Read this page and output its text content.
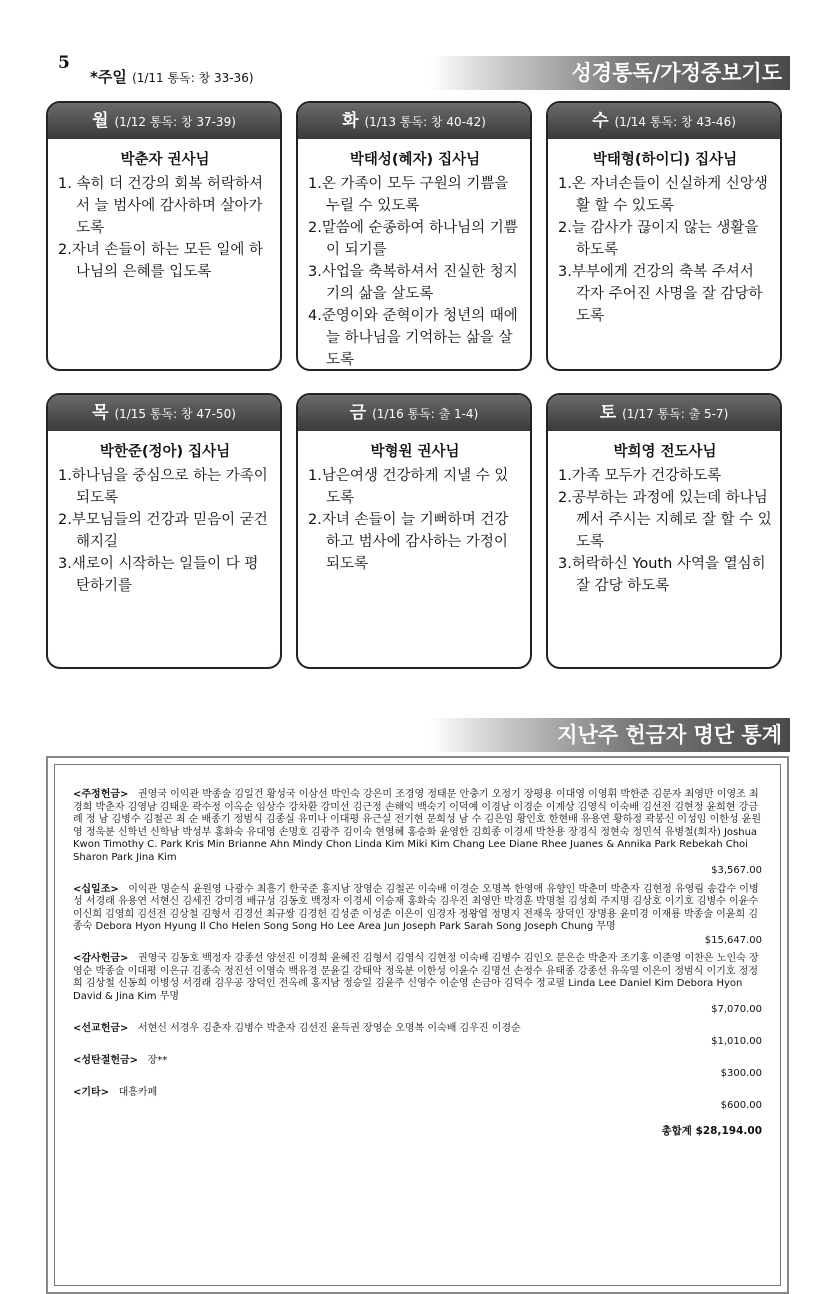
5
*주일 (1/11 통독: 창 33-36)	성경통독/가정중보기도
월 (1/12 통독: 창 37-39)
박춘자 권사님

1. 속히 더 건강의 회복 허락하셔서 늘 범사에 감사하며 살아가도록

2.자녀 손들이 하는 모든 일에 하나님의 은혜를 입도록

화 (1/13 통독: 창 40-42)
박태성(혜자) 집사님

1.온 가족이 모두 구원의 기쁨을 누릴 수 있도록

2.말씀에 순종하여 하나님의 기쁨이 되기를

3.사업을 축복하셔서 진실한 청지기의 삶을 살도록

4.준영이와 준혁이가 청년의 때에 늘 하나님을 기억하는 삶을 살도록

수 (1/14 통독: 창 43-46)
박태형(하이디) 집사님

1.온 자녀손들이 신실하게 신앙생활 할 수 있도록

2.늘 감사가 끊이지 않는 생활을 하도록

3.부부에게 건강의 축복 주셔서 각자 주어진 사명을 잘 감당하도록

목 (1/15 통독: 창 47-50)
박한준(정아) 집사님

1.하나님을 중심으로 하는 가족이 되도록

2.부모님들의 건강과 믿음이 굳건해지길

3.새로이 시작하는 일들이 다 평탄하기를

금 (1/16 통독: 출 1-4)
박형원 권사님

1.남은여생 건강하게 지낼 수 있도록

2.자녀 손들이 늘 기뻐하며 건강하고 범사에 감사하는 가정이 되도록

토 (1/17 통독: 출 5-7)
박희영 전도사님

1.가족 모두가 건강하도록

2.공부하는 과정에 있는데 하나님께서 주시는 지혜로 잘 할 수 있도록

3.허락하신 Youth 사역을 열심히 잘 감당 하도록

지난주 헌금자 명단 통계
<주정헌금>   권영국 이익관 박종술 김일건 황성국 이삼선 박인숙 강은미 조경영 정태문 안충기 오정기 장평용 이대영 이영휘 박한준 김문자 최영만 이영조 최경희 박춘자 김영남 김태운 곽수정 이옥순 임상수 강차환 강미선 김근정 손해익 백숙기 이덕예 이경남 이경순 이계상 김영식 이숙배 김선전 김현정 윤희현 강금례 정 남 김병수 김철곤 최 순 배종기 정범식 김종실 유미나 이대평 유근실 전기현 문희성 남 수 김은임 황인호 한현배 유용연 황하정 곽봉신 이성임 이한성 윤원영 정욱분 신학년 신학남 박성부 홍화숙 유대영 손명호 김광주 김이숙 현영혜 홍승화 윤영한 김희종 이경세 박찬용 장경식 정현숙 정민석 유병철(회자) Joshua Kwon Timothy C. Park Kris Min Brianne Ahn Mindy Chon Linda Kim Miki Kim Chang Lee Diane Rhee Juanes & Annika Park Rebekah Choi Sharon Park Jina Kim
$3,567.00
<십일조>   이익관 명순식 윤원영 나광수 최흥기 한국준 홍지남 장영순 김철곤 이숙배 이경순 오명복 한영애 유향인 박춘미 박춘자 김현정 유영림 송갑수 이병성 서경래 유용연 서현신 김세진 강미경 배규성 김동호 백정자 이경세 이승재 홍화숙 김우진 최영만 박경훈 박명철 김성희 주지명 김상호 이기호 김병수 이윤수 이신희 김영희 김선전 김상철 김형서 김경선 최규쌍 김경헌 김성준 이성준 이은이 임경자 정왕엽 정명지 전재욱 장덕인 장명용 윤미경 이재룡 박종술 이윤희 김종숙 Debora Hyon Hyung Il Cho Helen Song Song Ho Lee Area Jun Joseph Park Sarah Song Joseph Chung 무명
$15,647.00
<감사헌금>   권영국 김동호 백정자 강종선 양선진 이경희 윤혜진 김형서 김영식 김현정 이숙배 김병수 김인오 문은순 박춘자 조기홍 이준영 이찬은 노인숙 장영순 박종술 이대평 이은규 김종숙 정진선 이영숙 백유경 문윤길 강태악 정욱분 이한성 이윤수 김명선 손정수 유태종 강종선 유옥열 이은이 정범식 이기호 정정희 김상철 신동희 이병성 서경래 김우공 장덕인 전옥례 홍지남 정승일 김윤주 신영수 이순영 손금아 김덕수 정교필 Linda Lee Daniel Kim Debora Hyon David & Jina Kim 무명
$7,070.00
<선교헌금>   서현신 서경우 김춘자 김병수 박춘자 김선진 윤득권 장영순 오명복 이숙배 김우진 이경순
$1,010.00
<성탄절헌금>   장**
$300.00
<기타>   대흥카페
$600.00
총합계 $28,194.00
